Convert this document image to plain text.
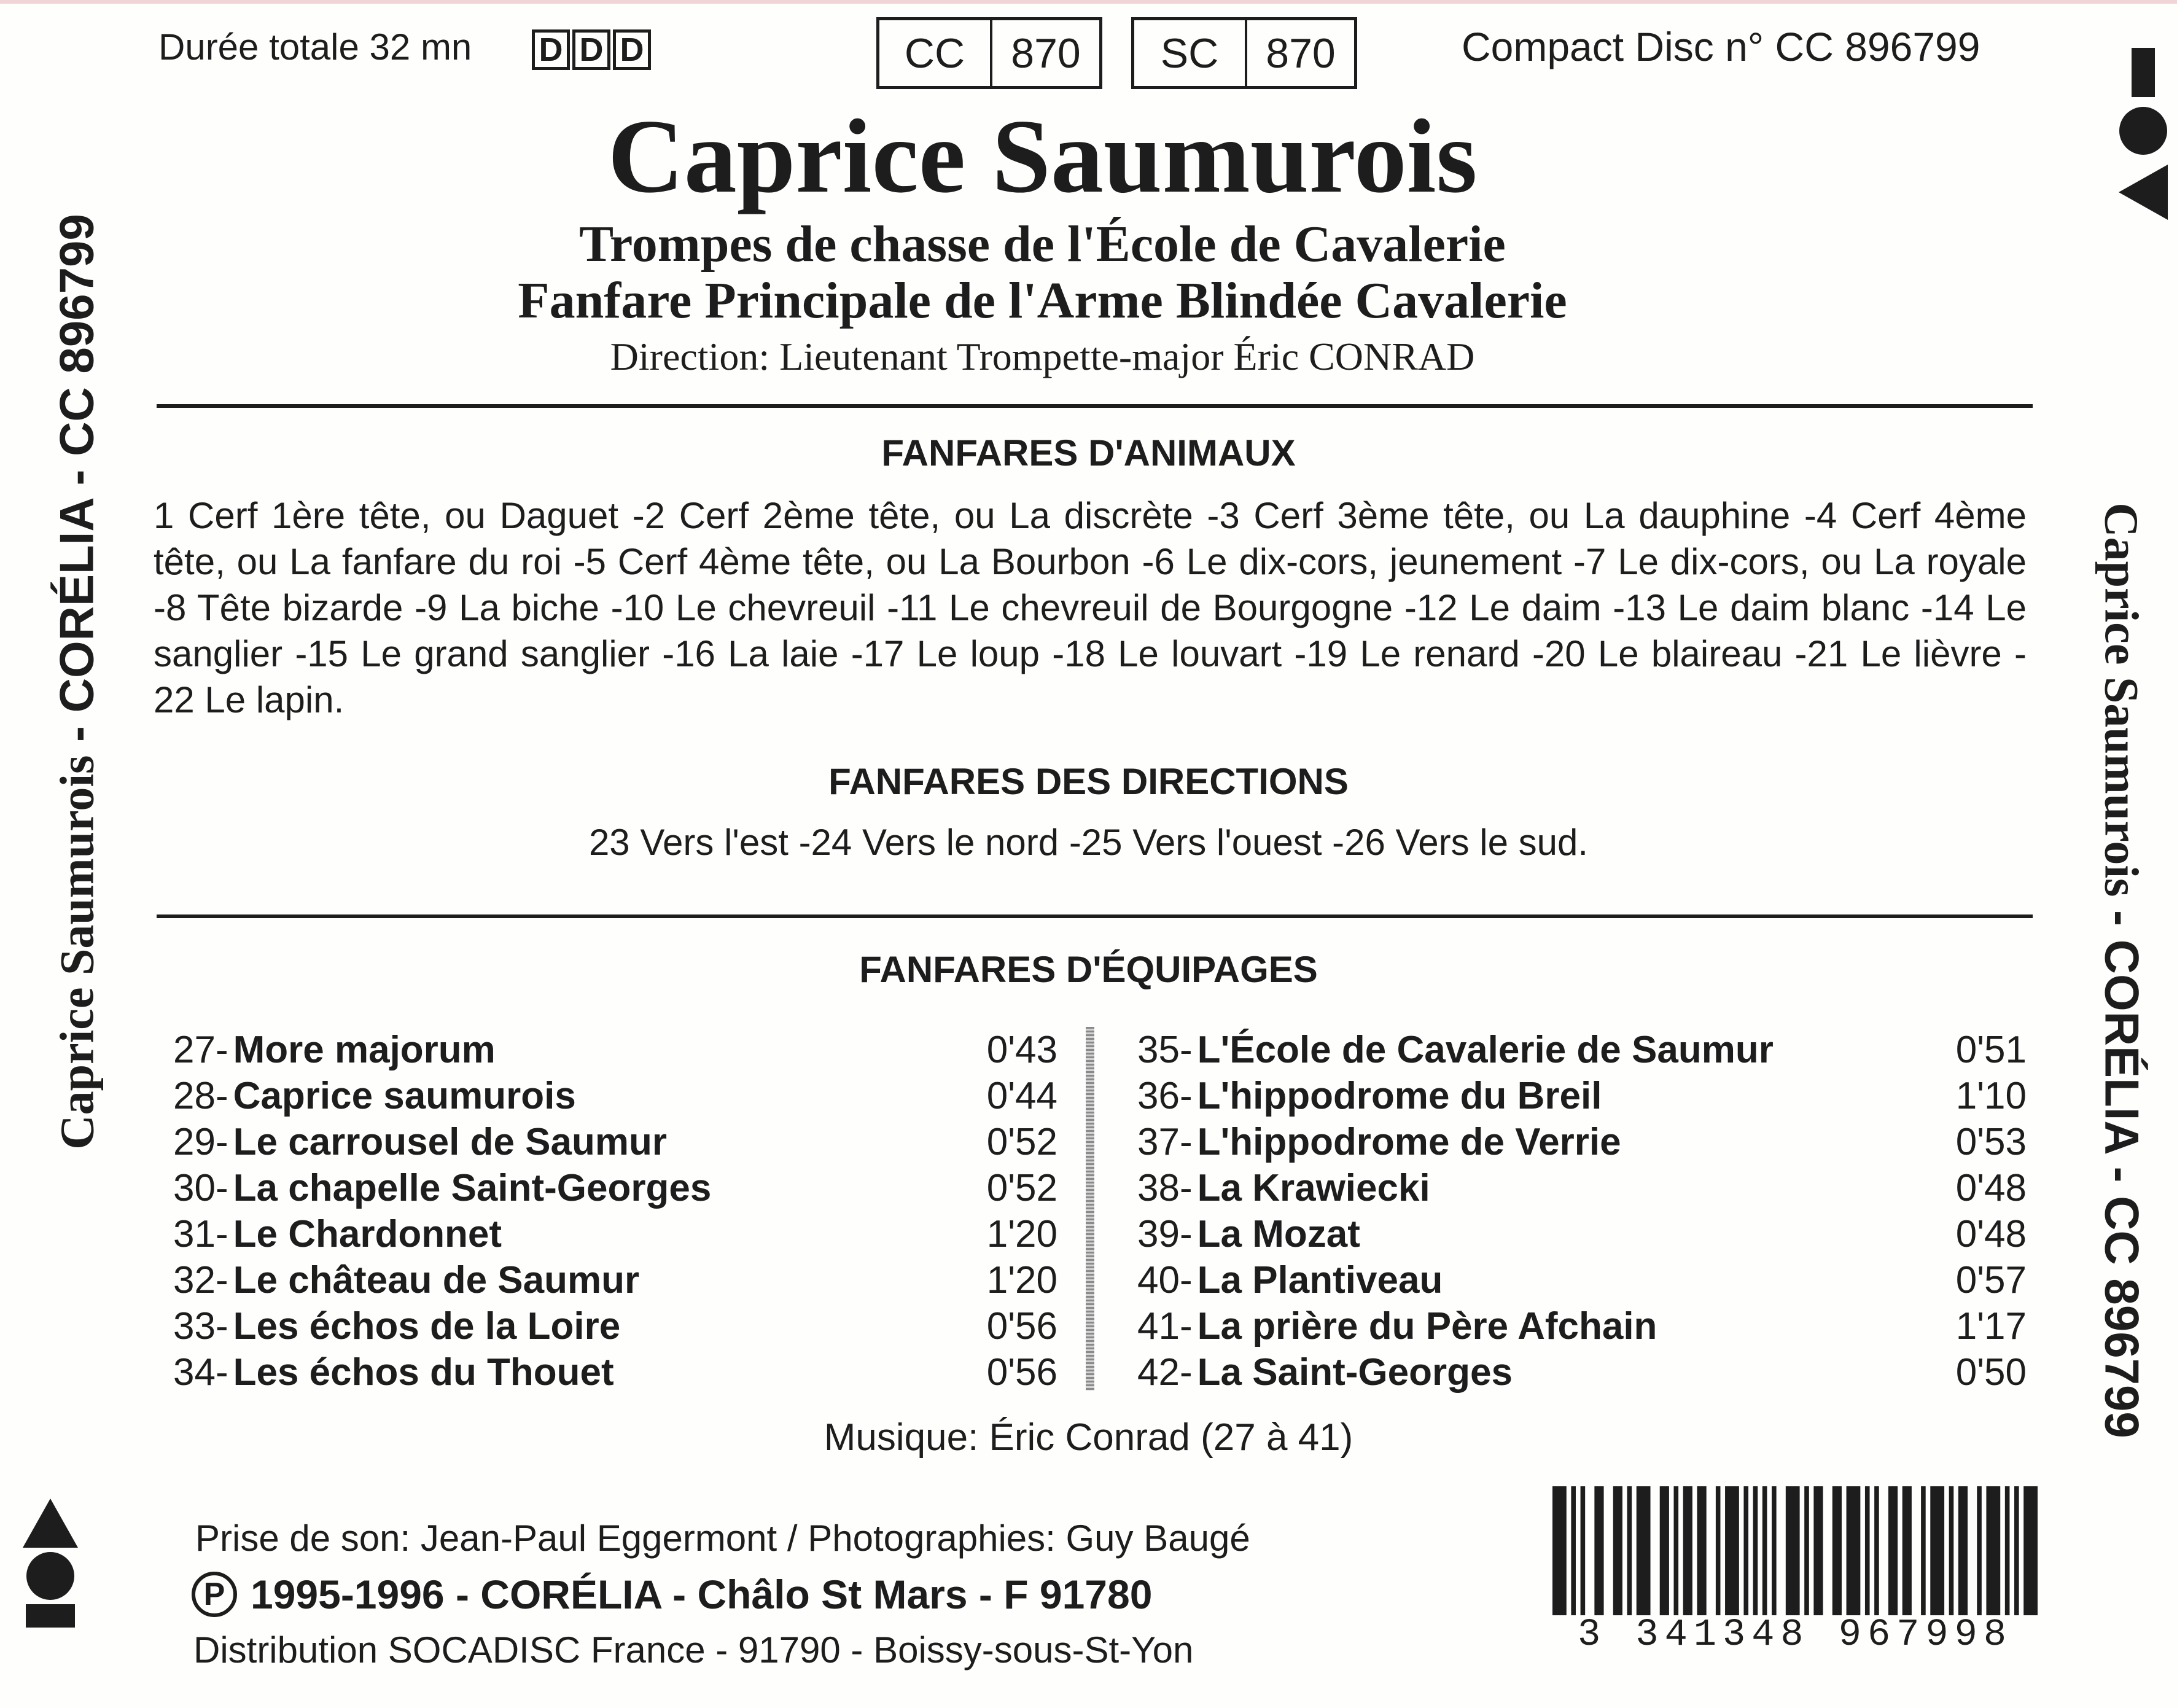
Durée totale 32 mn D D D	CC	870	SC	870	Compact Disc n° CC 896799
Caprice Saumurois
Trompes de chasse de l'École de Cavalerie
Fanfare Principale de l'Arme Blindée Cavalerie
Direction: Lieutenant Trompette-major Éric CONRAD
FANFARES D'ANIMAUX
1 Cerf 1ère tête, ou Daguet -2 Cerf 2ème tête, ou La discrète -3 Cerf 3ème tête, ou La dauphine -4 Cerf 4ème tête, ou La fanfare du roi -5 Cerf 4ème tête, ou La Bourbon -6 Le dix-cors, jeunement -7 Le dix-cors, ou La royale -8 Tête bizarde -9 La biche -10 Le chevreuil -11 Le chevreuil de Bourgogne -12 Le daim -13 Le daim blanc -14 Le sanglier -15 Le grand sanglier -16 La laie -17 Le loup -18 Le louvart -19 Le renard -20 Le blaireau -21 Le lièvre - 22 Le lapin.
FANFARES DES DIRECTIONS
23 Vers l'est -24 Vers le nord -25 Vers l'ouest -26 Vers le sud.
FANFARES D'ÉQUIPAGES
27- More majorum	0'43
28- Caprice saumurois	0'44
29- Le carrousel de Saumur	0'52
30- La chapelle Saint-Georges	0'52
31- Le Chardonnet	1'20
32- Le château de Saumur	1'20
33- Les échos de la Loire	0'56
34- Les échos du Thouet	0'56
35- L'École de Cavalerie de Saumur	0'51
36- L'hippodrome du Breil	1'10
37- L'hippodrome de Verrie	0'53
38- La Krawiecki	0'48
39- La Mozat	0'48
40- La Plantiveau	0'57
41- La prière du Père Afchain	1'17
42- La Saint-Georges	0'50
Musique: Éric Conrad (27 à 41)
Prise de son: Jean-Paul Eggermont / Photographies: Guy Baugé
P 1995-1996 - CORÉLIA - Châlo St Mars - F 91780
Distribution SOCADISC France - 91790 - Boissy-sous-St-Yon	3 341348 967998
Caprice Saumurois - CORÉLIA - CC 896799	Caprice Saumurois - CORÉLIA - CC 896799
